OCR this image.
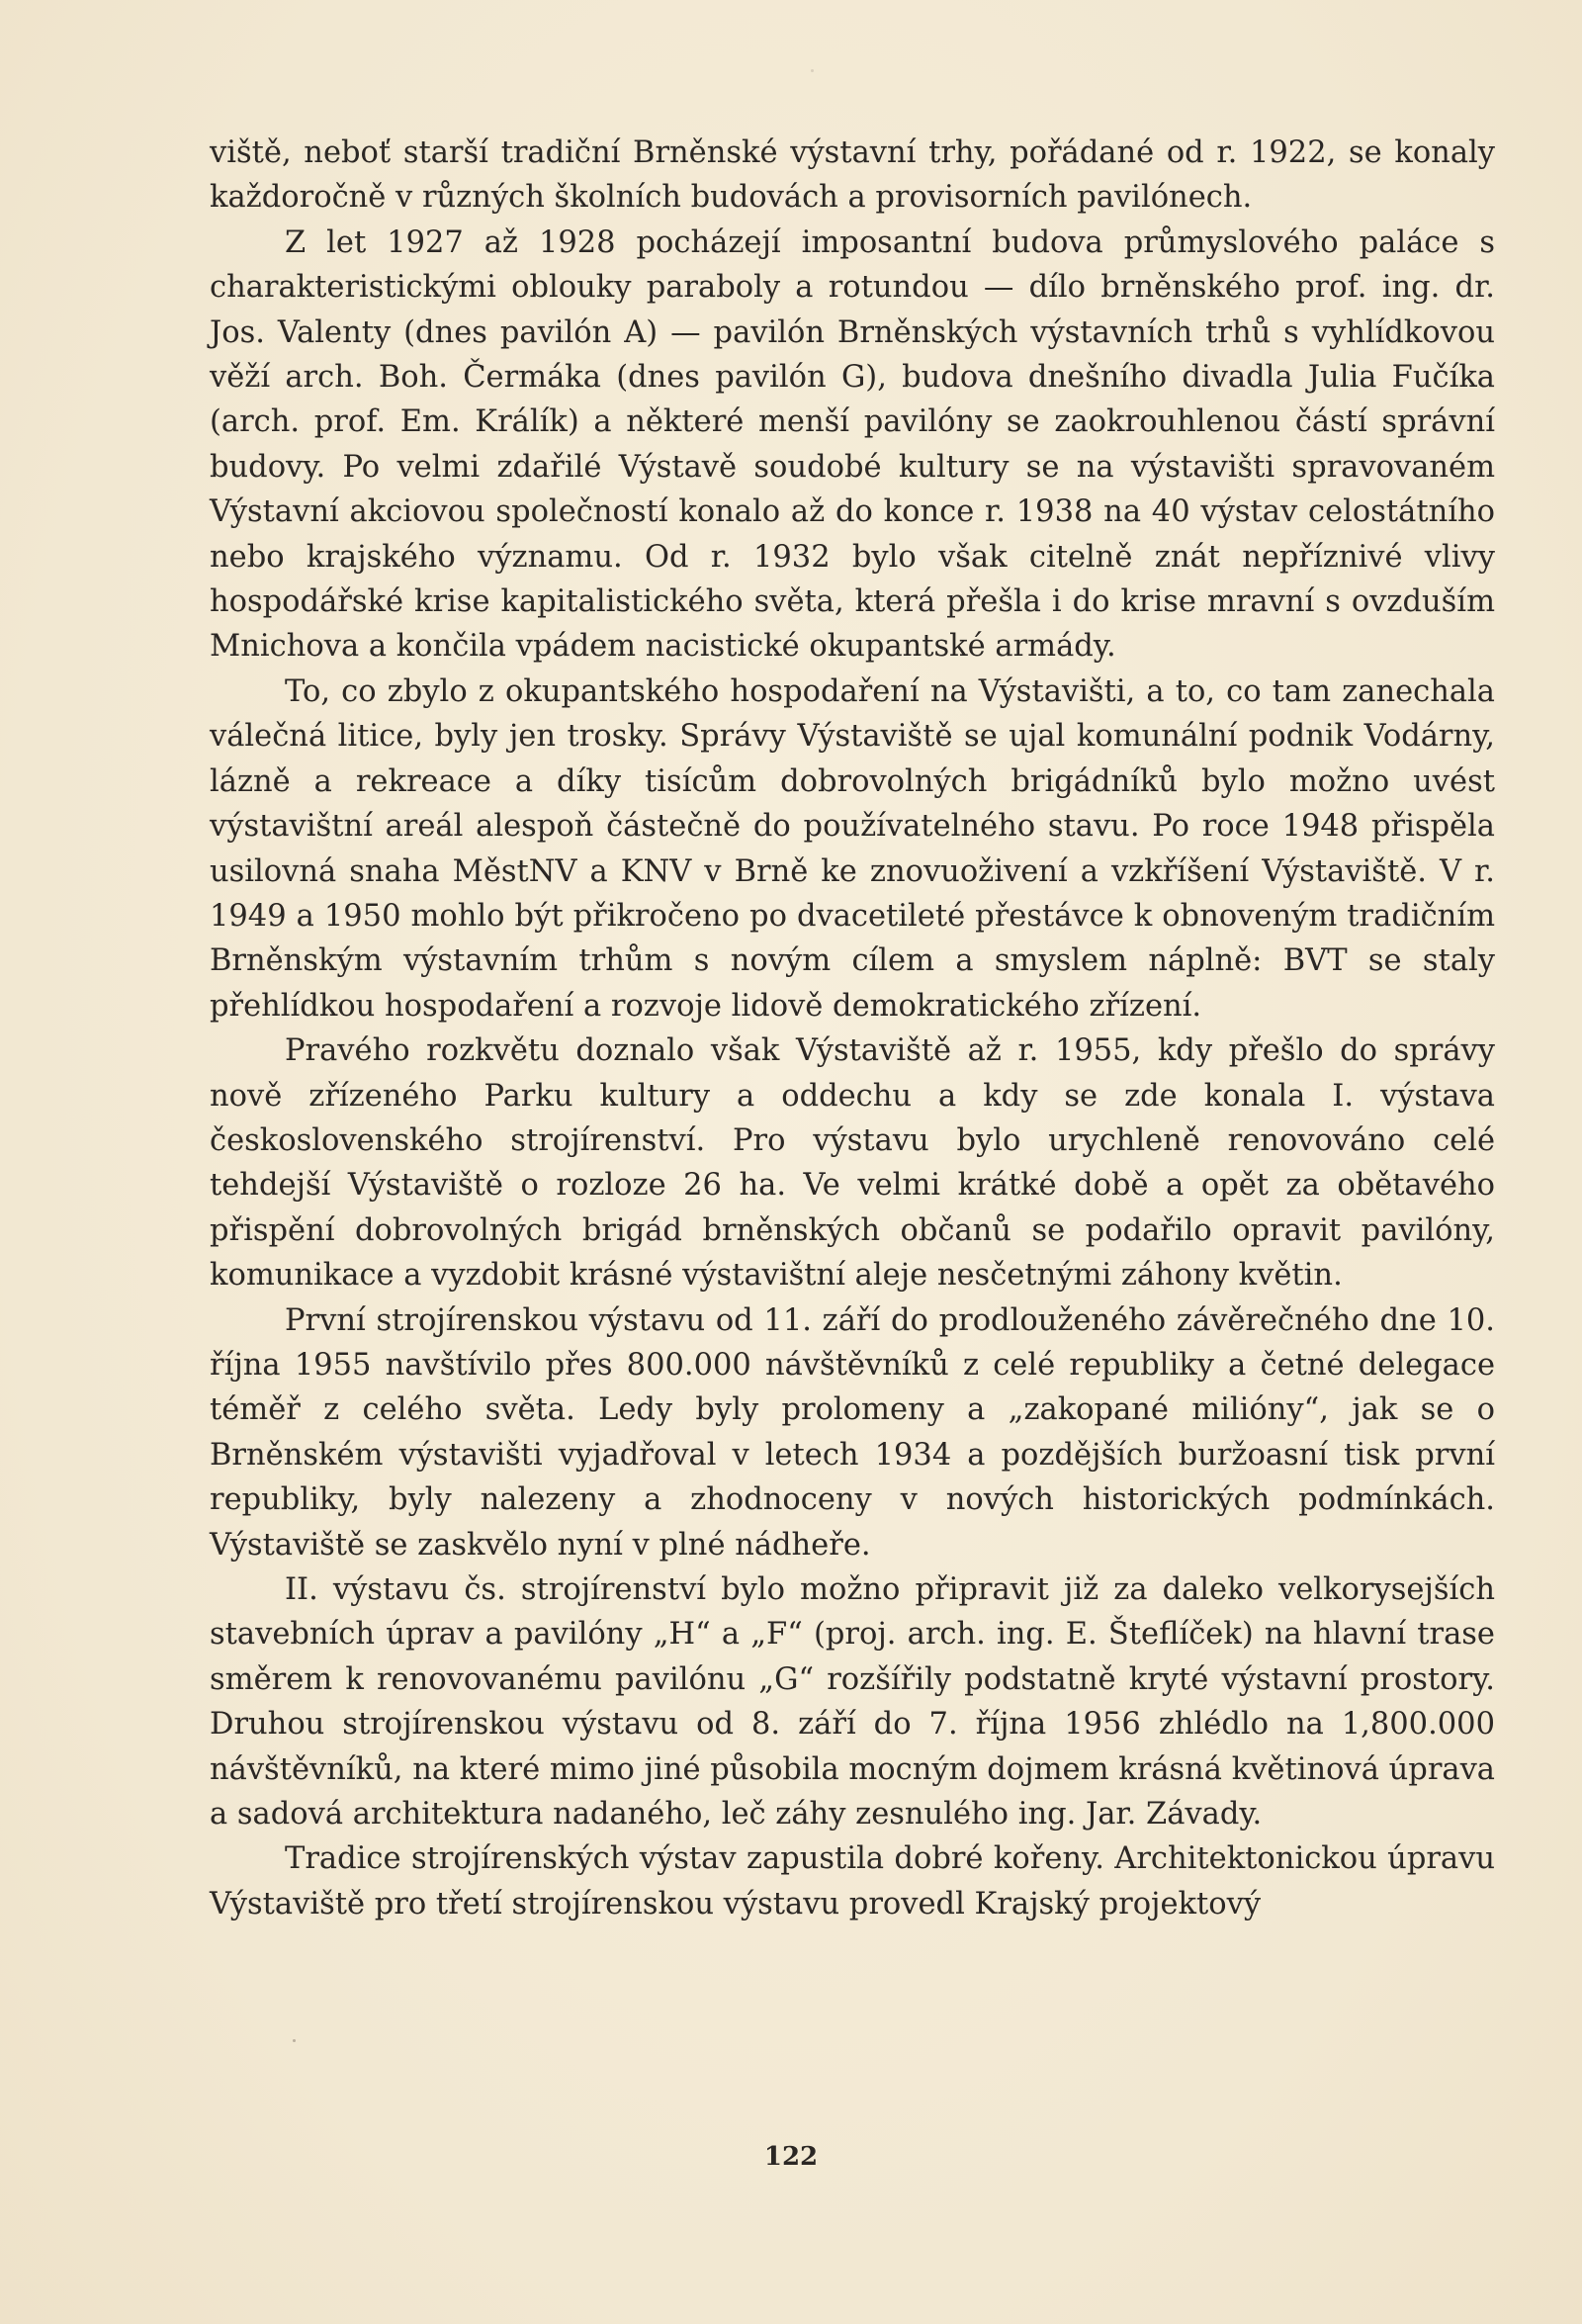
viště, neboť starší tradiční Brněnské výstavní trhy, pořádané od r. 1922, se konaly každoročně v různých školních budovách a provisorních pavilónech.

Z let 1927 až 1928 pocházejí imposantní budova průmyslového paláce s charakteristickými oblouky paraboly a rotundou — dílo brněnského prof. ing. dr. Jos. Valenty (dnes pavilón A) — pavilón Brněnských výstavních trhů s vyhlídkovou věží arch. Boh. Čermáka (dnes pavilón G), budova dnešního divadla Julia Fučíka (arch. prof. Em. Králík) a některé menší pavilóny se zaokrouhlenou částí správní budovy. Po velmi zdařilé Výstavě soudobé kultury se na výstavišti spravovaném Výstavní akciovou společností konalo až do konce r. 1938 na 40 výstav celostátního nebo krajského významu. Od r. 1932 bylo však citelně znát nepříznivé vlivy hospodářské krise kapitalistického světa, která přešla i do krise mravní s ovzduším Mnichova a končila vpádem nacistické okupantské armády.

To, co zbylo z okupantského hospodaření na Výstavišti, a to, co tam zanechala válečná litice, byly jen trosky. Správy Výstaviště se ujal komunální podnik Vodárny, lázně a rekreace a díky tisícům dobrovolných brigádníků bylo možno uvést výstavištní areál alespoň částečně do používatelného stavu. Po roce 1948 přispěla usilovná snaha MěstNV a KNV v Brně ke znovuoživení a vzkříšení Výstaviště. V r. 1949 a 1950 mohlo být přikročeno po dvacetileté přestávce k obnoveným tradičním Brněnským výstavním trhům s novým cílem a smyslem náplně: BVT se staly přehlídkou hospodaření a rozvoje lidově demokratického zřízení.

Pravého rozkvětu doznalo však Výstaviště až r. 1955, kdy přešlo do správy nově zřízeného Parku kultury a oddechu a kdy se zde konala I. výstava československého strojírenství. Pro výstavu bylo urychleně renovováno celé tehdejší Výstaviště o rozloze 26 ha. Ve velmi krátké době a opět za obětavého přispění dobrovolných brigád brněnských občanů se podařilo opravit pavilóny, komunikace a vyzdobit krásné výstavištní aleje nesčetnými záhony květin.

První strojírenskou výstavu od 11. září do prodlouženého závěrečného dne 10. října 1955 navštívilo přes 800.000 návštěvníků z celé republiky a četné delegace téměř z celého světa. Ledy byly prolomeny a „zakopané milióny“, jak se o Brněnském výstavišti vyjadřoval v letech 1934 a pozdějších buržoasní tisk první republiky, byly nalezeny a zhodnoceny v nových historických podmínkách. Výstaviště se zaskvělo nyní v plné nádheře.

II. výstavu čs. strojírenství bylo možno připravit již za daleko velkorysejších stavebních úprav a pavilóny „H“ a „F“ (proj. arch. ing. E. Šteflíček) na hlavní trase směrem k renovovanému pavilónu „G“ rozšířily podstatně kryté výstavní prostory. Druhou strojírenskou výstavu od 8. září do 7. října 1956 zhlédlo na 1,800.000 návštěvníků, na které mimo jiné působila mocným dojmem krásná květinová úprava a sadová architektura nadaného, leč záhy zesnulého ing. Jar. Závady.

Tradice strojírenských výstav zapustila dobré kořeny. Architektonickou úpravu Výstaviště pro třetí strojírenskou výstavu provedl Krajský projektový

122
